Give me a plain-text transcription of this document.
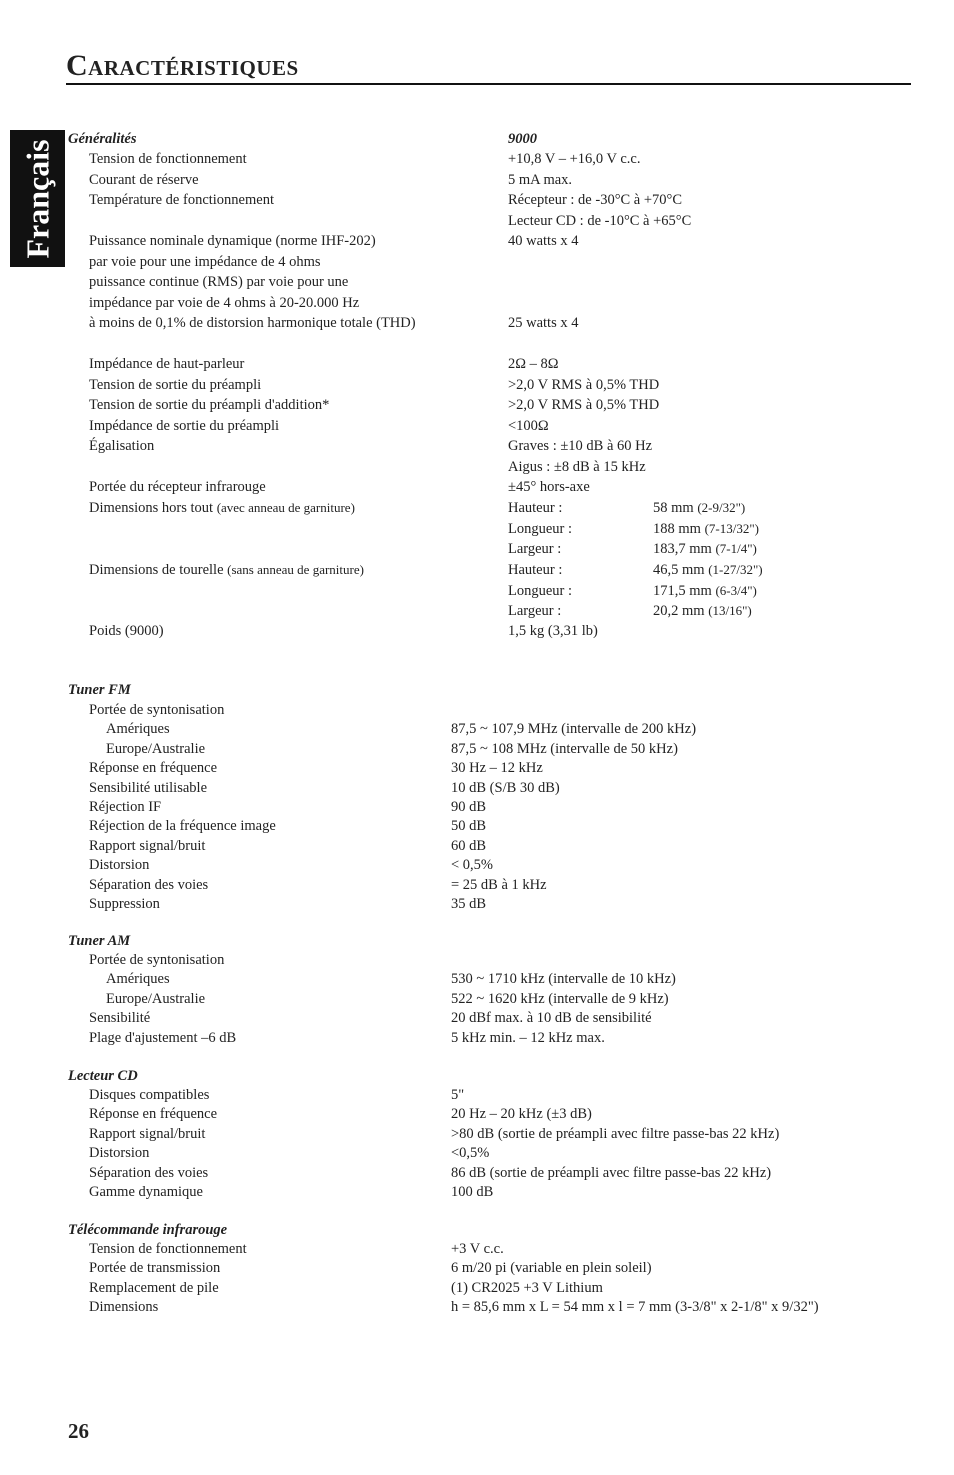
Caractéristiques
Français Généralités	9000
Tension de fonctionnement	+10,8 V – +16,0 V c.c.
Courant de réserve	5 mA max.
Température de fonctionnement	Récepteur : de -30°C à +70°C
Lecteur CD : de -10°C à +65°C
Puissance nominale dynamique (norme IHF-202)	40 watts x 4
par voie pour une impédance de 4 ohms
puissance continue (RMS) par voie pour une
impédance par voie de 4 ohms à 20-20.000 Hz
à moins de 0,1% de distorsion harmonique totale (THD)	25 watts x 4
Impédance de haut-parleur	2Ω – 8Ω
Tension de sortie du préampli	>2,0 V RMS à 0,5% THD
Tension de sortie du préampli d'addition*	>2,0 V RMS à 0,5% THD
Impédance de sortie du préampli	<100Ω
Égalisation	Graves : ±10 dB à 60 Hz
Aigus : ±8 dB à 15 kHz
Portée du récepteur infrarouge	±45° hors-axe
Dimensions hors tout (avec anneau de garniture)	Hauteur :	58 mm (2-9/32")
Longueur :	188 mm (7-13/32")
Largeur :	183,7 mm (7-1/4")
Dimensions de tourelle (sans anneau de garniture)	Hauteur :	46,5 mm (1-27/32")
Longueur :	171,5 mm (6-3/4")
Largeur :	20,2 mm (13/16")
Poids (9000)	1,5 kg (3,31 lb)
Tuner FM
Portée de syntonisation
Amériques	87,5 ~ 107,9 MHz (intervalle de 200 kHz)
Europe/Australie	87,5 ~ 108 MHz (intervalle de 50 kHz)
Réponse en fréquence	30 Hz – 12 kHz
Sensibilité utilisable	10 dB (S/B 30 dB)
Réjection IF	90 dB
Réjection de la fréquence image	50 dB
Rapport signal/bruit	60 dB
Distorsion	< 0,5%
Séparation des voies	= 25 dB à 1 kHz
Suppression	35 dB
Tuner AM
Portée de syntonisation
Amériques	530 ~ 1710 kHz (intervalle de 10 kHz)
Europe/Australie	522 ~ 1620 kHz (intervalle de 9 kHz)
Sensibilité	20 dBf max. à 10 dB de sensibilité
Plage d'ajustement –6 dB	5 kHz min. – 12 kHz max.
Lecteur CD
Disques compatibles	5"
Réponse en fréquence	20 Hz – 20 kHz (±3 dB)
Rapport signal/bruit	>80 dB (sortie de préampli avec filtre passe-bas 22 kHz)
Distorsion	<0,5%
Séparation des voies	86 dB (sortie de préampli avec filtre passe-bas 22 kHz)
Gamme dynamique	100 dB
Télécommande infrarouge
Tension de fonctionnement	+3 V c.c.
Portée de transmission	6 m/20 pi (variable en plein soleil)
Remplacement de pile	(1) CR2025 +3 V Lithium
Dimensions	h = 85,6 mm x L = 54 mm x l = 7 mm (3-3/8" x 2-1/8" x 9/32")
26
